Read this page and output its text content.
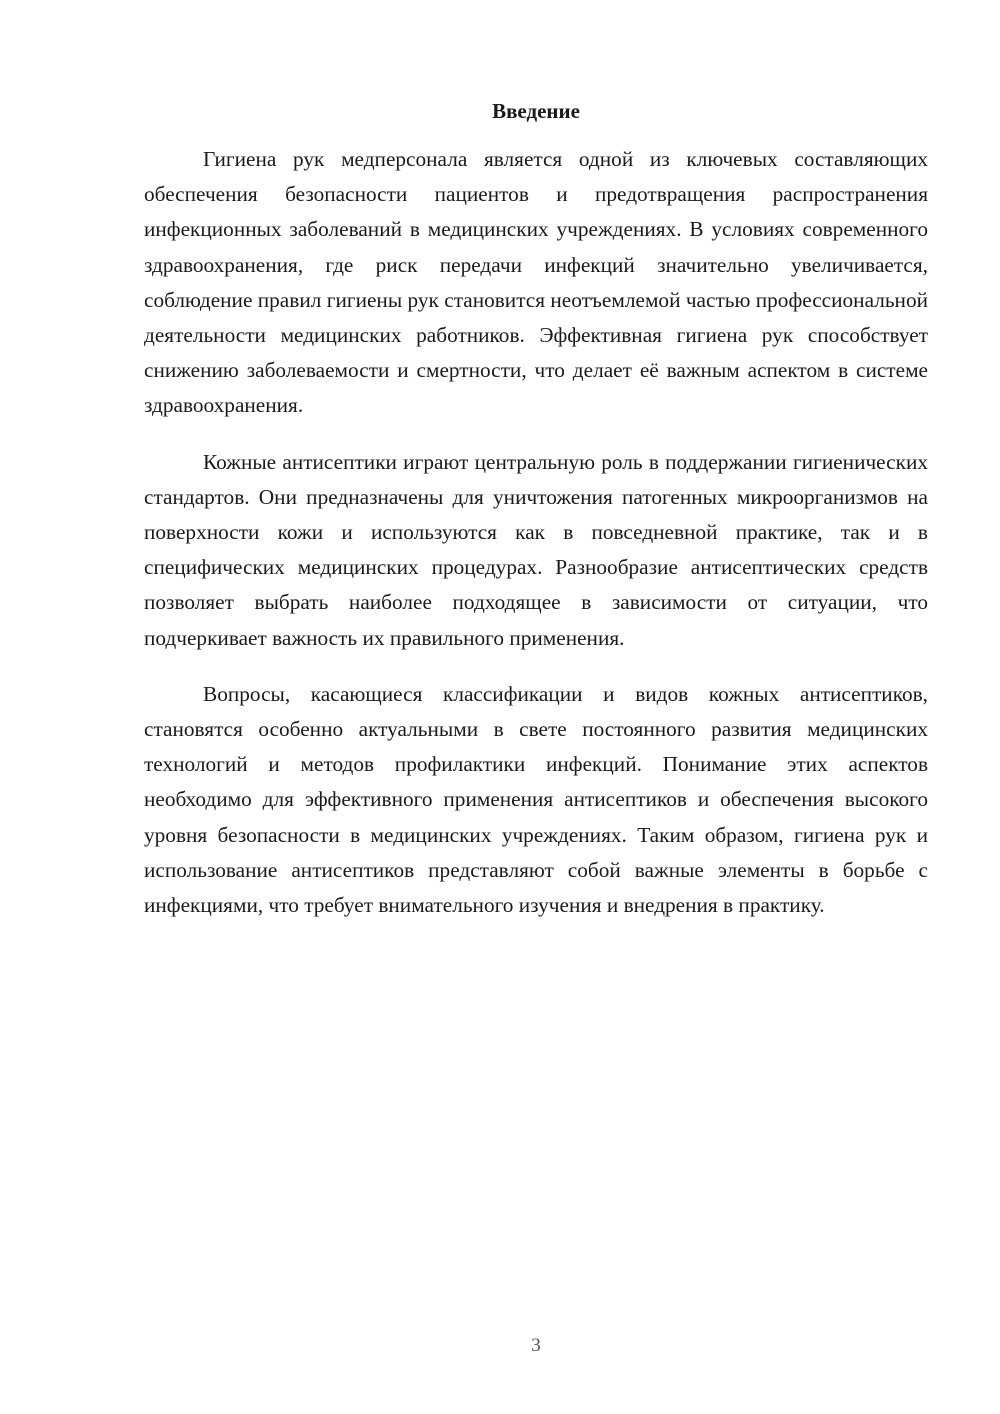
Введение

Гигиена рук медперсонала является одной из ключевых составляющих обеспечения безопасности пациентов и предотвращения распространения инфекционных заболеваний в медицинских учреждениях. В условиях современного здравоохранения, где риск передачи инфекций значительно увеличивается, соблюдение правил гигиены рук становится неотъемлемой частью профессиональной деятельности медицинских работников. Эффективная гигиена рук способствует снижению заболеваемости и смертности, что делает её важным аспектом в системе здравоохранения.

Кожные антисептики играют центральную роль в поддержании гигиенических стандартов. Они предназначены для уничтожения патогенных микроорганизмов на поверхности кожи и используются как в повседневной практике, так и в специфических медицинских процедурах. Разнообразие антисептических средств позволяет выбрать наиболее подходящее в зависимости от ситуации, что подчеркивает важность их правильного применения.

Вопросы, касающиеся классификации и видов кожных антисептиков, становятся особенно актуальными в свете постоянного развития медицинских технологий и методов профилактики инфекций. Понимание этих аспектов необходимо для эффективного применения антисептиков и обеспечения высокого уровня безопасности в медицинских учреждениях. Таким образом, гигиена рук и использование антисептиков представляют собой важные элементы в борьбе с инфекциями, что требует внимательного изучения и внедрения в практику.

3
